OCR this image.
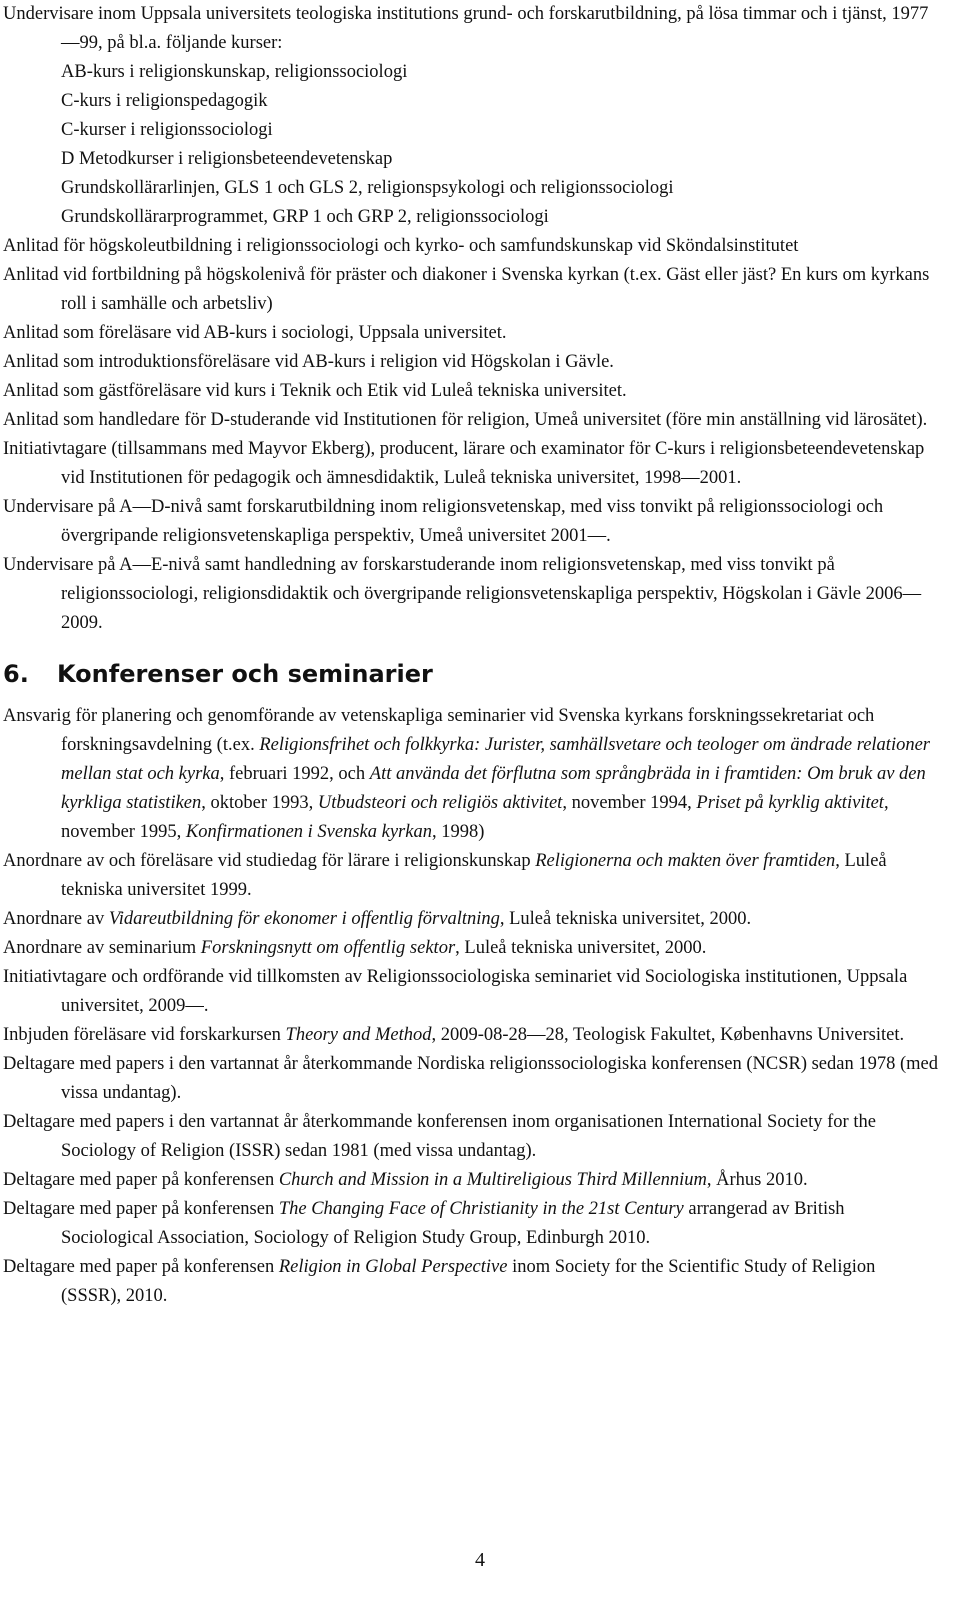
Undervisare inom Uppsala universitets teologiska institutions grund- och forskarutbildning, på lösa timmar och i tjänst, 1977—99, på bl.a. följande kurser:

AB-kurs i religionskunskap, religionssociologi

C-kurs i religionspedagogik

C-kurser i religionssociologi

D Metodkurser i religionsbeteendevetenskap

Grundskollärarlinjen, GLS 1 och GLS 2, religionspsykologi och religionssociologi

Grundskollärarprogrammet, GRP 1 och GRP 2, religionssociologi

Anlitad för högskoleutbildning i religionssociologi och kyrko- och samfundskunskap vid Sköndalsinstitutet

Anlitad vid fortbildning på högskolenivå för präster och diakoner i Svenska kyrkan (t.ex. Gäst eller jäst? En kurs om kyrkans roll i samhälle och arbetsliv)

Anlitad som föreläsare vid AB-kurs i sociologi, Uppsala universitet.

Anlitad som introduktionsföreläsare vid AB-kurs i religion vid Högskolan i Gävle.

Anlitad som gästföreläsare vid kurs i Teknik och Etik vid Luleå tekniska universitet.

Anlitad som handledare för D-studerande vid Institutionen för religion, Umeå universitet (före min anställning vid lärosätet).

Initiativtagare (tillsammans med Mayvor Ekberg), producent, lärare och examinator för C-kurs i religionsbeteendevetenskap vid Institutionen för pedagogik och ämnesdidaktik, Luleå tekniska universitet, 1998—2001.

Undervisare på A—D-nivå samt forskarutbildning inom religionsvetenskap, med viss tonvikt på religionssociologi och övergripande religionsvetenskapliga perspektiv, Umeå universitet 2001—.

Undervisare på A—E-nivå samt handledning av forskarstuderande inom religionsvetenskap, med viss tonvikt på religionssociologi, religionsdidaktik och övergripande religionsvetenskapliga perspektiv, Högskolan i Gävle 2006—2009.

6. Konferenser och seminarier

Ansvarig för planering och genomförande av vetenskapliga seminarier vid Svenska kyrkans forskningssekretariat och forskningsavdelning (t.ex. Religionsfrihet och folkkyrka: Jurister, samhällsvetare och teologer om ändrade relationer mellan stat och kyrka, februari 1992, och Att använda det förflutna som språngbräda in i framtiden: Om bruk av den kyrkliga statistiken, oktober 1993, Utbudsteori och religiös aktivitet, november 1994, Priset på kyrklig aktivitet, november 1995, Konfirmationen i Svenska kyrkan, 1998)

Anordnare av och föreläsare vid studiedag för lärare i religionskunskap Religionerna och makten över framtiden, Luleå tekniska universitet 1999.

Anordnare av Vidareutbildning för ekonomer i offentlig förvaltning, Luleå tekniska universitet, 2000.

Anordnare av seminarium Forskningsnytt om offentlig sektor, Luleå tekniska universitet, 2000.

Initiativtagare och ordförande vid tillkomsten av Religionssociologiska seminariet vid Sociologiska institutionen, Uppsala universitet, 2009—.

Inbjuden föreläsare vid forskarkursen Theory and Method, 2009-08-28—28, Teologisk Fakultet, Københavns Universitet.

Deltagare med papers i den vartannat år återkommande Nordiska religionssociologiska konferensen (NCSR) sedan 1978 (med vissa undantag).

Deltagare med papers i den vartannat år återkommande konferensen inom organisationen International Society for the Sociology of Religion (ISSR) sedan 1981 (med vissa undantag).

Deltagare med paper på konferensen Church and Mission in a Multireligious Third Millennium, Århus 2010.

Deltagare med paper på konferensen The Changing Face of Christianity in the 21st Century arrangerad av British Sociological Association, Sociology of Religion Study Group, Edinburgh 2010.

Deltagare med paper på konferensen Religion in Global Perspective inom Society for the Scientific Study of Religion (SSSR), 2010.

4
